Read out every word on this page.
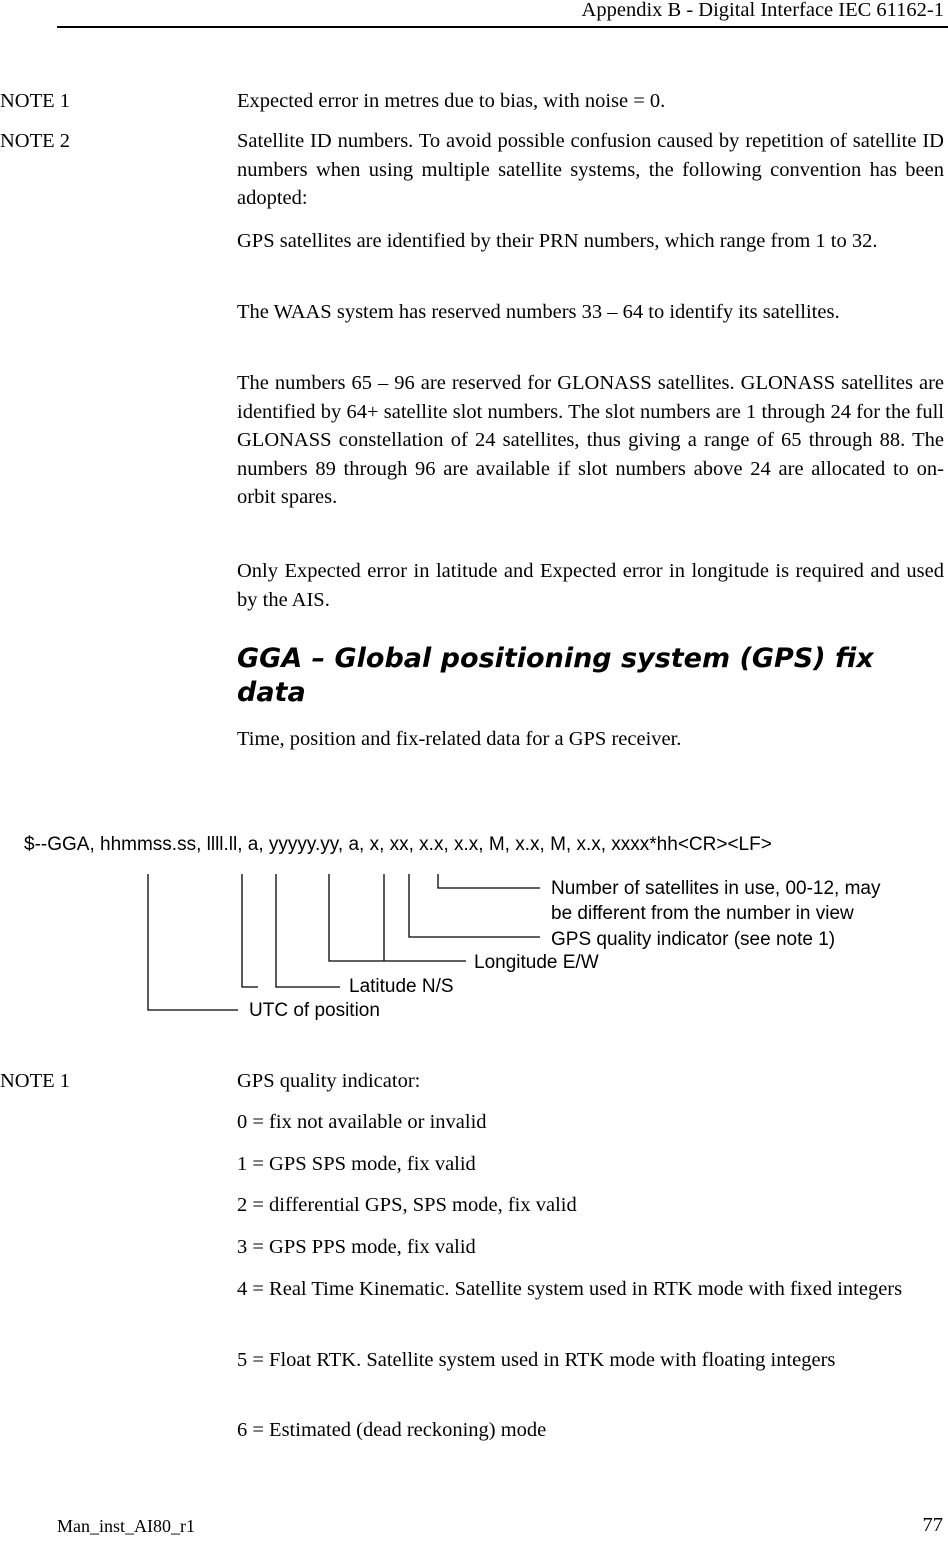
Appendix B - Digital Interface IEC 61162-1

NOTE 1	Expected error in metres due to bias, with noise = 0.

NOTE 2	Satellite ID numbers. To avoid possible confusion caused by repetition of satellite ID numbers when using multiple satellite systems, the following convention has been adopted:

GPS satellites are identified by their PRN numbers, which range from 1 to 32.

The WAAS system has reserved numbers 33 – 64 to identify its satellites.

The numbers 65 – 96 are reserved for GLONASS satellites. GLONASS satellites are identified by 64+ satellite slot numbers. The slot numbers are 1 through 24 for the full GLONASS constellation of 24 satellites, thus giving a range of 65 through 88. The numbers 89 through 96 are available if slot numbers above 24 are allocated to on-orbit spares.

Only Expected error in latitude and Expected error in longitude is required and used by the AIS.

GGA – Global positioning system (GPS) fix data

Time, position and fix-related data for a GPS receiver.

$--GGA, hhmmss.ss, llll.ll, a, yyyyy.yy, a, x, xx, x.x, x.x, M, x.x, M, x.x, xxxx*hh<CR><LF>
Number of satellites in use, 00-12, may
be different from the number in view
GPS quality indicator (see note 1)
Longitude E/W
Latitude N/S
UTC of position

NOTE 1	GPS quality indicator:

0 = fix not available or invalid

1 = GPS SPS mode, fix valid

2 = differential GPS, SPS mode, fix valid

3 = GPS PPS mode, fix valid

4 = Real Time Kinematic. Satellite system used in RTK mode with fixed integers

5 = Float RTK. Satellite system used in RTK mode with floating integers

6 = Estimated (dead reckoning) mode

Man_inst_AI80_r1	77
